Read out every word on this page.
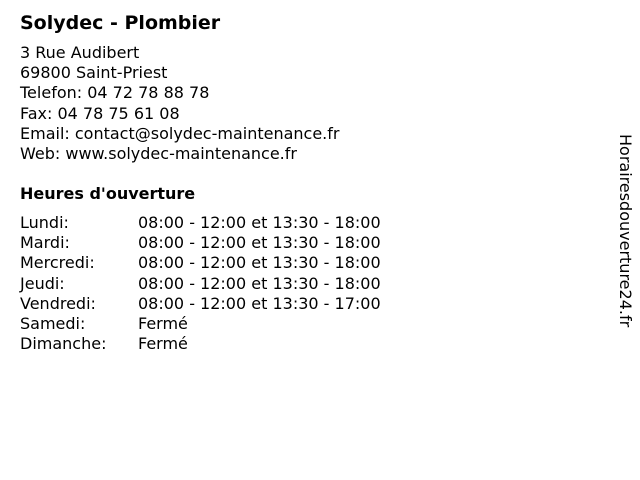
Solydec - Plombier
3 Rue Audibert
69800 Saint-Priest
Telefon: 04 72 78 88 78
Fax: 04 78 75 61 08
Email: contact@solydec-maintenance.fr
Web: www.solydec-maintenance.fr
Heures d'ouverture
Lundi:	08:00 - 12:00 et 13:30 - 18:00
Mardi:	08:00 - 12:00 et 13:30 - 18:00
Mercredi:	08:00 - 12:00 et 13:30 - 18:00
Jeudi:	08:00 - 12:00 et 13:30 - 18:00
Vendredi:	08:00 - 12:00 et 13:30 - 17:00
Samedi:	Fermé
Dimanche: Fermé
Horairesdouverture24.fr
